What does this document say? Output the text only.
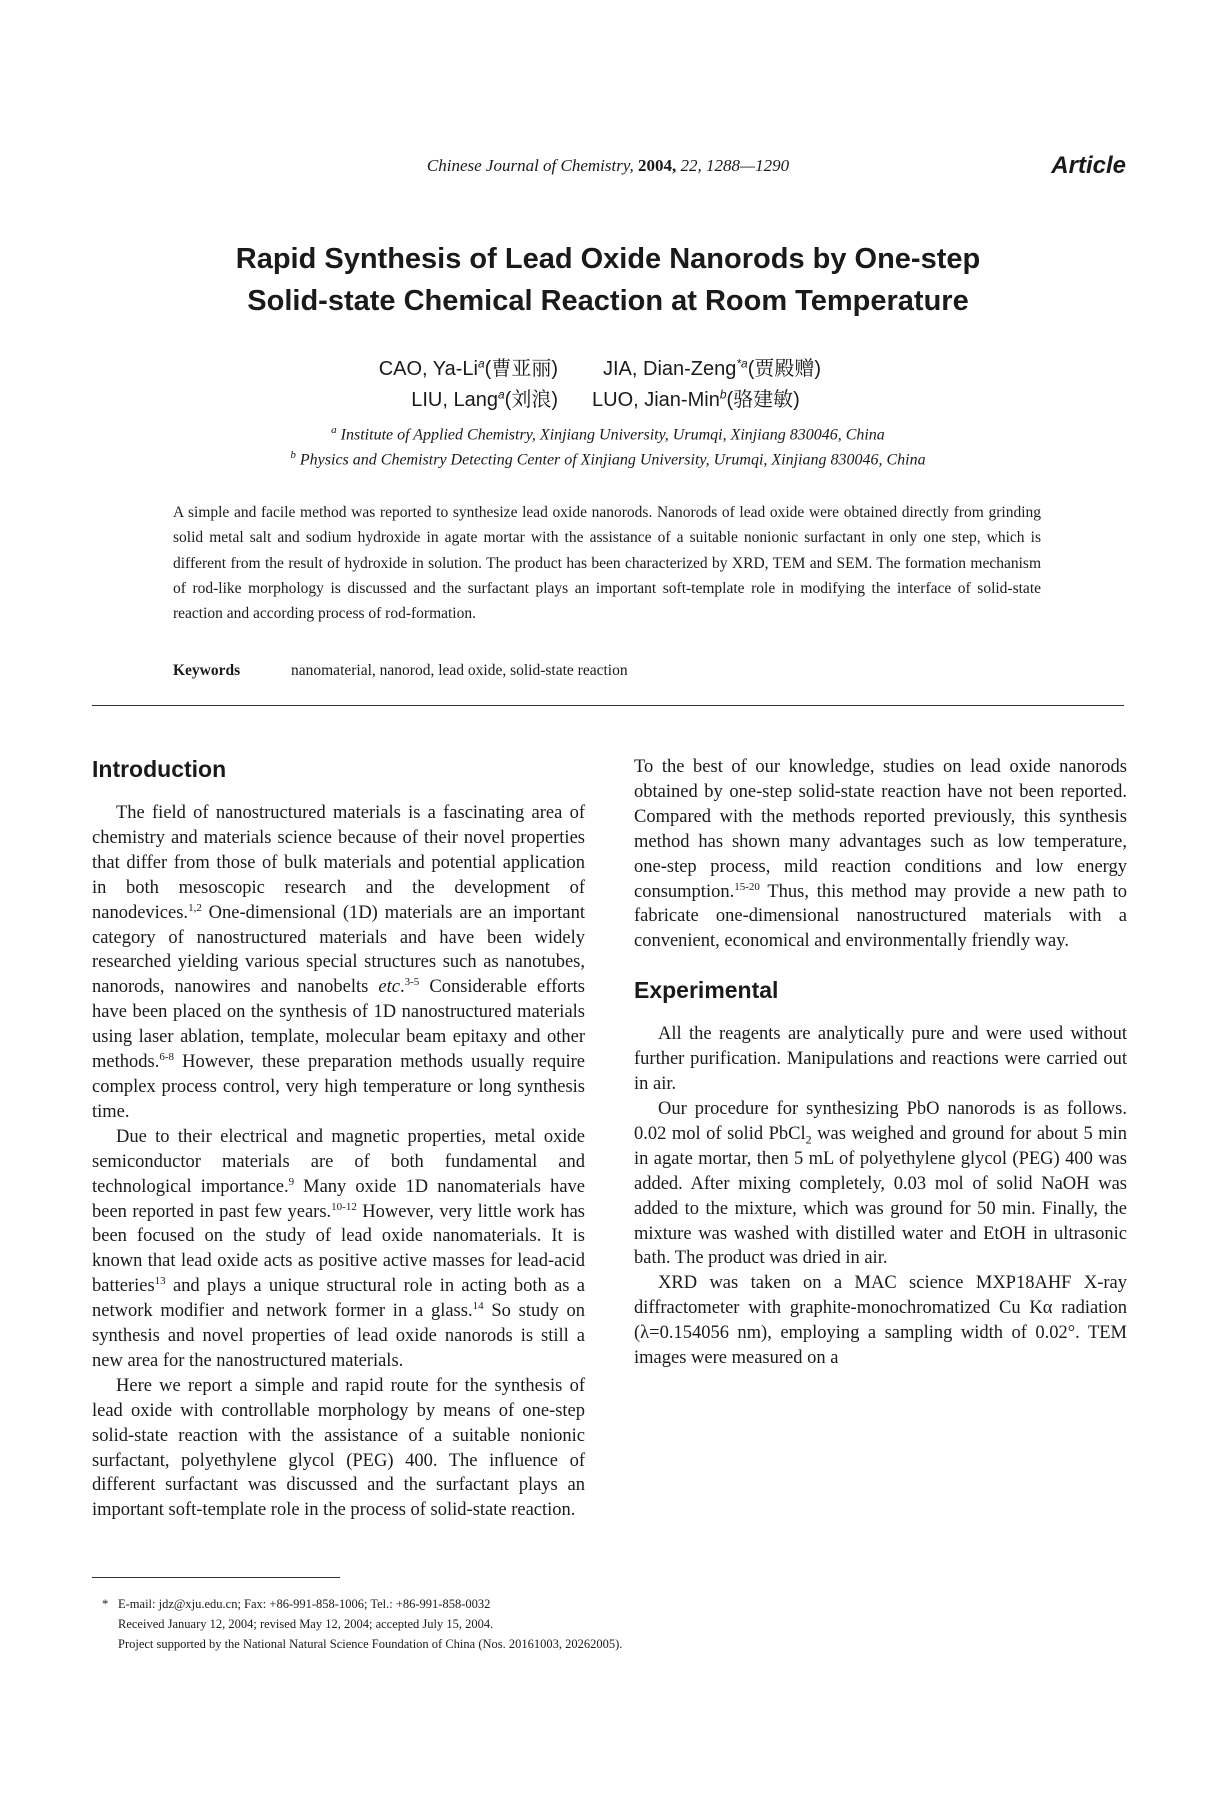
Chinese Journal of Chemistry, 2004, 22, 1288—1290	Article
Rapid Synthesis of Lead Oxide Nanorods by One-step
Solid-state Chemical Reaction at Room Temperature
CAO, Ya-Li$^a$(曹亚丽) JIA, Dian-Zeng$^{*a}$(贾殿赠)
LIU, Lang$^a$(刘浪) LUO, Jian-Min$^b$(骆建敏)
$^a$ Institute of Applied Chemistry, Xinjiang University, Urumqi, Xinjiang 830046, China
$^b$ Physics and Chemistry Detecting Center of Xinjiang University, Urumqi, Xinjiang 830046, China
A simple and facile method was reported to synthesize lead oxide nanorods. Nanorods of lead oxide were obtained directly from grinding solid metal salt and sodium hydroxide in agate mortar with the assistance of a suitable nonionic surfactant in only one step, which is different from the result of hydroxide in solution. The product has been characterized by XRD, TEM and SEM. The formation mechanism of rod-like morphology is discussed and the surfactant plays an important soft-template role in modifying the interface of solid-state reaction and according process of rod-formation.
Keywords	nanomaterial, nanorod, lead oxide, solid-state reaction
Introduction

The field of nanostructured materials is a fascinating area of chemistry and materials science because of their novel properties that differ from those of bulk materials and potential application in both mesoscopic research and the development of nanodevices.$^{1,2}$ One-dimensional (1D) materials are an important category of nanostructured materials and have been widely researched yielding various special structures such as nanotubes, nanorods, nanowires and nanobelts etc.$^{3-5}$ Considerable efforts have been placed on the synthesis of 1D nanostructured materials using laser ablation, template, molecular beam epitaxy and other methods.$^{6-8}$ However, these preparation methods usually require complex process control, very high temperature or long synthesis time.

Due to their electrical and magnetic properties, metal oxide semiconductor materials are of both fundamental and technological importance.$^9$ Many oxide 1D nanomaterials have been reported in past few years.$^{10-12}$ However, very little work has been focused on the study of lead oxide nanomaterials. It is known that lead oxide acts as positive active masses for lead-acid batteries$^{13}$ and plays a unique structural role in acting both as a network modifier and network former in a glass.$^{14}$ So study on synthesis and novel properties of lead oxide nanorods is still a new area for the nanostructured materials.

Here we report a simple and rapid route for the synthesis of lead oxide with controllable morphology by means of one-step solid-state reaction with the assistance of a suitable nonionic surfactant, polyethylene glycol (PEG) 400. The influence of different surfactant was discussed and the surfactant plays an important soft-template role in the process of solid-state reaction.

To the best of our knowledge, studies on lead oxide nanorods obtained by one-step solid-state reaction have not been reported. Compared with the methods reported previously, this synthesis method has shown many advantages such as low temperature, one-step process, mild reaction conditions and low energy consumption.$^{15-20}$ Thus, this method may provide a new path to fabricate one-dimensional nanostructured materials with a convenient, economical and environmentally friendly way.

Experimental

All the reagents are analytically pure and were used without further purification. Manipulations and reactions were carried out in air.

Our procedure for synthesizing PbO nanorods is as follows. 0.02 mol of solid PbCl$_2$ was weighed and ground for about 5 min in agate mortar, then 5 mL of polyethylene glycol (PEG) 400 was added. After mixing completely, 0.03 mol of solid NaOH was added to the mixture, which was ground for 50 min. Finally, the mixture was washed with distilled water and EtOH in ultrasonic bath. The product was dried in air.

XRD was taken on a MAC science MXP18AHF X-ray diffractometer with graphite-monochromatized Cu Kα radiation (λ=0.154056 nm), employing a sampling width of 0.02°. TEM images were measured on a

* E-mail: jdz@xju.edu.cn; Fax: +86-991-858-1006; Tel.: +86-991-858-0032
Received January 12, 2004; revised May 12, 2004; accepted July 15, 2004.
Project supported by the National Natural Science Foundation of China (Nos. 20161003, 20262005).
